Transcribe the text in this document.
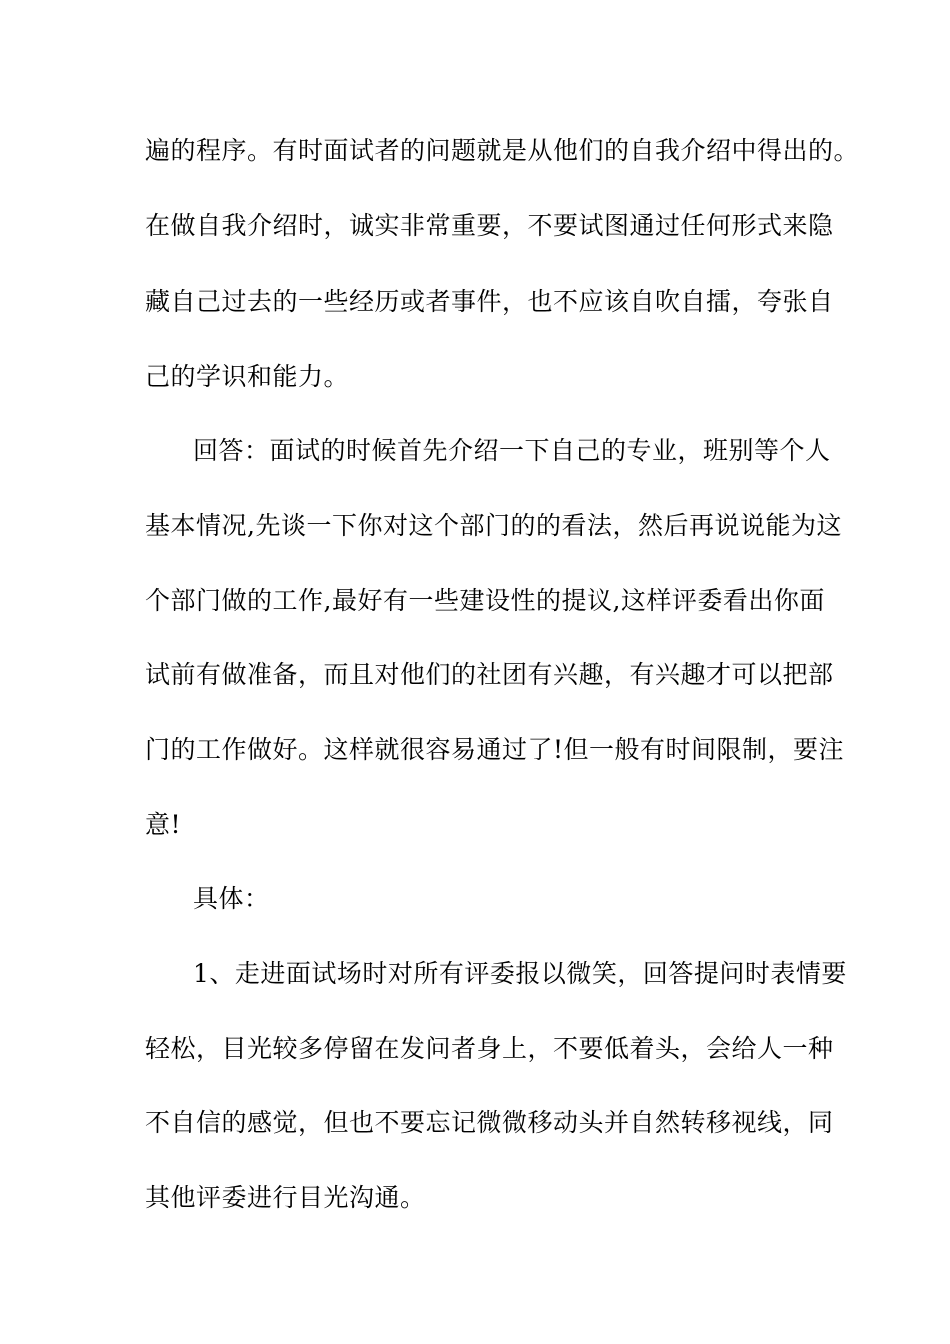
遍的程序。有时面试者的问题就是从他们的自我介绍中得出的。
在做自我介绍时，诚实非常重要，不要试图通过任何形式来隐
藏自己过去的一些经历或者事件，也不应该自吹自擂，夸张自
己的学识和能力。
回答：面试的时候首先介绍一下自己的专业，班别等个人
基本情况,先谈一下你对这个部门的的看法，然后再说说能为这
个部门做的工作,最好有一些建设性的提议,这样评委看出你面
试前有做准备，而且对他们的社团有兴趣，有兴趣才可以把部
门的工作做好。这样就很容易通过了!但一般有时间限制，要注
意!
具体：
1、走进面试场时对所有评委报以微笑，回答提问时表情要
轻松，目光较多停留在发问者身上，不要低着头，会给人一种
不自信的感觉，但也不要忘记微微移动头并自然转移视线，同
其他评委进行目光沟通。
